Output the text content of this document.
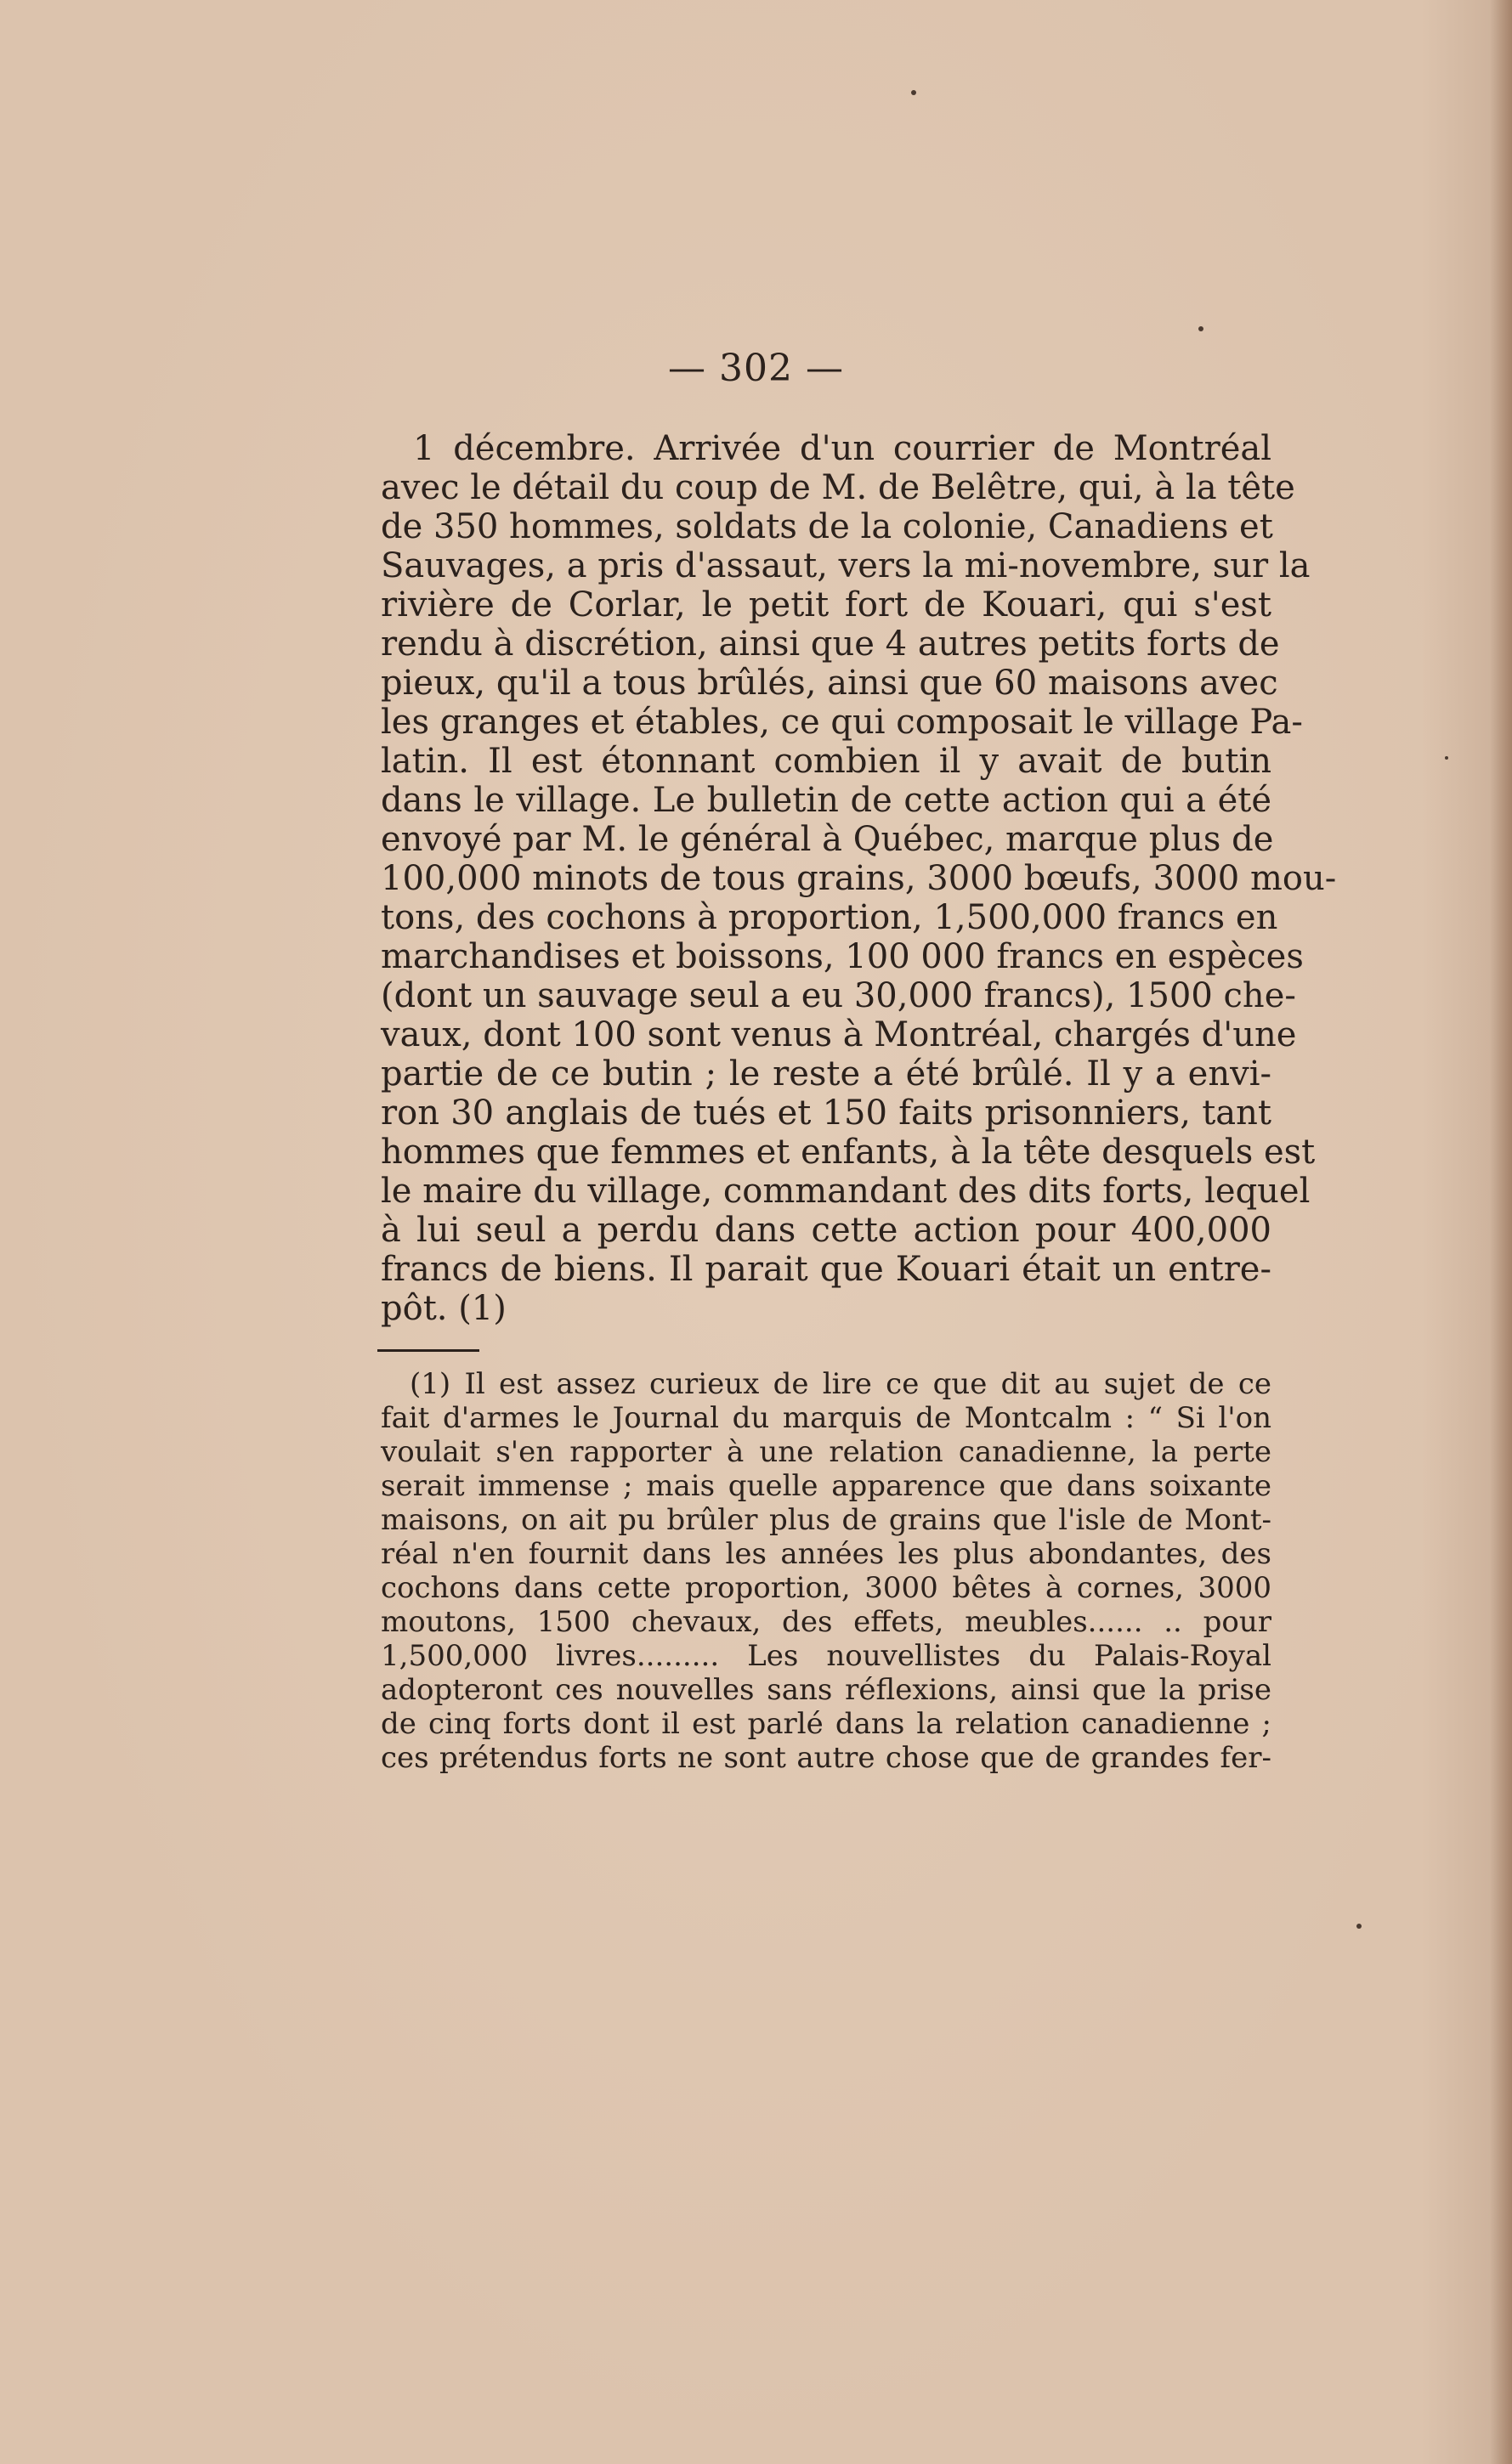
— 302 —

1 décembre. Arrivée d'un courrier de Montréal

avec le détail du coup de M. de Belêtre, qui, à la tête

de 350 hommes, soldats de la colonie, Canadiens et

Sauvages, a pris d'assaut, vers la mi-novembre, sur la

rivière de Corlar, le petit fort de Kouari, qui s'est

rendu à discrétion, ainsi que 4 autres petits forts de

pieux, qu'il a tous brûlés, ainsi que 60 maisons avec

les granges et étables, ce qui composait le village Pa-

latin. Il est étonnant combien il y avait de butin

dans le village. Le bulletin de cette action qui a été

envoyé par M. le général à Québec, marque plus de

100,000 minots de tous grains, 3000 bœufs, 3000 mou-

tons, des cochons à proportion, 1,500,000 francs en

marchandises et boissons, 100 000 francs en espèces

(dont un sauvage seul a eu 30,000 francs), 1500 che-

vaux, dont 100 sont venus à Montréal, chargés d'une

partie de ce butin ; le reste a été brûlé. Il y a envi-

ron 30 anglais de tués et 150 faits prisonniers, tant

hommes que femmes et enfants, à la tête desquels est

le maire du village, commandant des dits forts, lequel

à lui seul a perdu dans cette action pour 400,000

francs de biens. Il parait que Kouari était un entre-

pôt. (1)

(1) Il est assez curieux de lire ce que dit au sujet de ce

fait d'armes le Journal du marquis de Montcalm : “ Si l'on

voulait s'en rapporter à une relation canadienne, la perte

serait immense ; mais quelle apparence que dans soixante

maisons, on ait pu brûler plus de grains que l'isle de Mont-

réal n'en fournit dans les années les plus abondantes, des

cochons dans cette proportion, 3000 bêtes à cornes, 3000

moutons, 1500 chevaux, des effets, meubles...... .. pour

1,500,000 livres......... Les nouvellistes du Palais-Royal

adopteront ces nouvelles sans réflexions, ainsi que la prise

de cinq forts dont il est parlé dans la relation canadienne ;

ces prétendus forts ne sont autre chose que de grandes fer-
